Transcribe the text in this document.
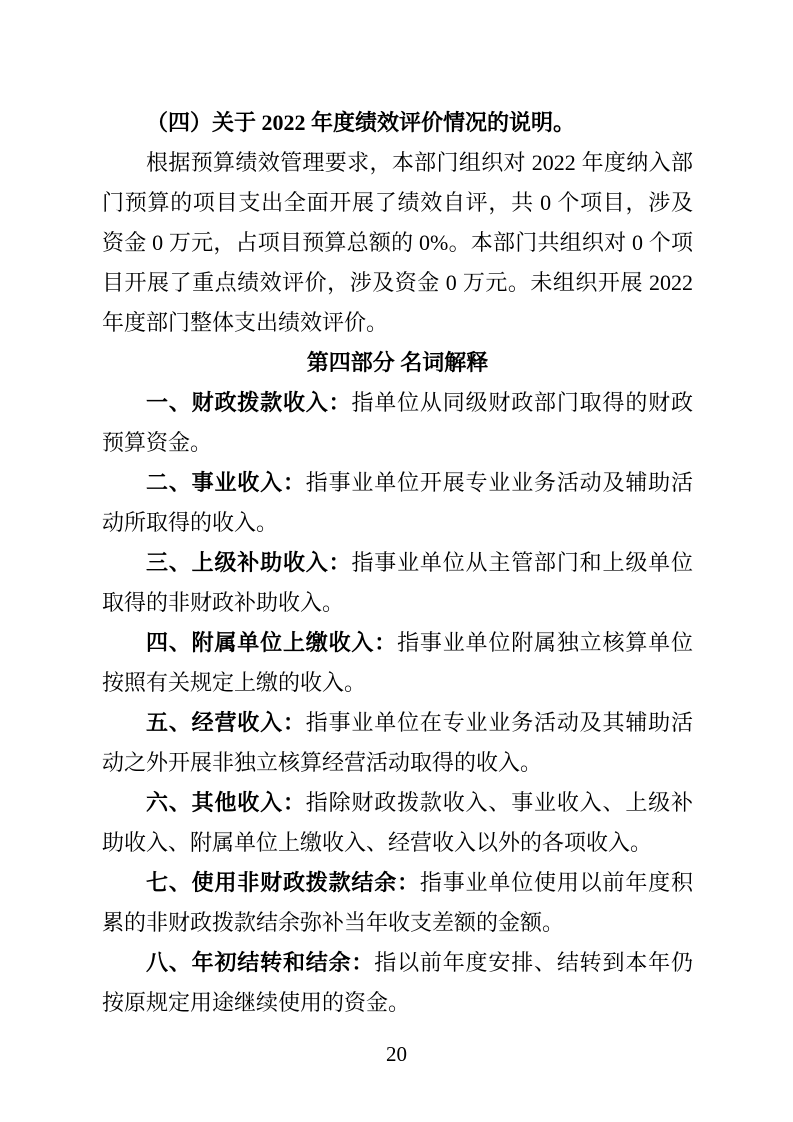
（四）关于 2022 年度绩效评价情况的说明。

根据预算绩效管理要求，本部门组织对 2022 年度纳入部门预算的项目支出全面开展了绩效自评，共 0 个项目，涉及资金 0 万元，占项目预算总额的 0%。本部门共组织对 0 个项目开展了重点绩效评价，涉及资金 0 万元。未组织开展 2022 年度部门整体支出绩效评价。

第四部分 名词解释

一、财政拨款收入：指单位从同级财政部门取得的财政预算资金。

二、事业收入：指事业单位开展专业业务活动及辅助活动所取得的收入。

三、上级补助收入：指事业单位从主管部门和上级单位取得的非财政补助收入。

四、附属单位上缴收入：指事业单位附属独立核算单位按照有关规定上缴的收入。

五、经营收入：指事业单位在专业业务活动及其辅助活动之外开展非独立核算经营活动取得的收入。

六、其他收入：指除财政拨款收入、事业收入、上级补助收入、附属单位上缴收入、经营收入以外的各项收入。

七、使用非财政拨款结余：指事业单位使用以前年度积累的非财政拨款结余弥补当年收支差额的金额。

八、年初结转和结余：指以前年度安排、结转到本年仍按原规定用途继续使用的资金。

20
